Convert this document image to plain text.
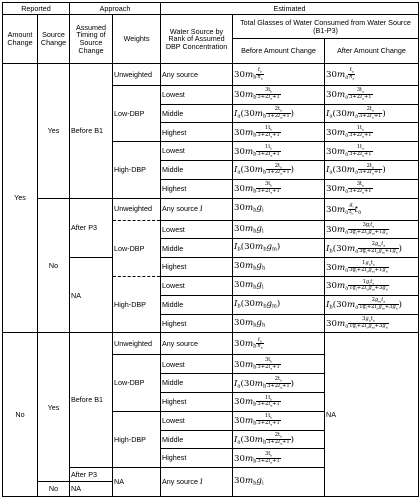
Reported		Approach		Estimated		
Amount Change	Source Change	Assumed Timing of Source Change	Weights	Water Source by Rank of Assumed DBP Concentration	Total Glasses of Water Consumed from Water Source (B1-P3)	
					Before Amount Change	After Amount Change
Yes	Yes	Before B1	Unweighted	Any source	$30m_b \frac{t_b}{n_a}$	$30m_a \frac{t_a}{n_a}$

			Low-DBP	Lowest	$30m_b \frac{3t_b}{3+2I_a+1}$	$30m_a \frac{3t_a}{3+2I_a+1}$

				Middle	$I_a(30m_b \frac{2t_b}{3+2I_a+1}$ )	$I_a(30m_a \frac{2t_a}{3+2I_a+1}$ )
				Highest	$30m_b \frac{1t_b}{3+2I_a+1}$	$30m_a \frac{1t_a}{3+2I_a+1}$

			High-DBP	Lowest	$30m_b \frac{1t_b}{3+2I_a+1}$	$30m_a \frac{1t_a}{3+2I_a+1}$

				Middle	$I_a(30m_b \frac{2t_b}{3+2I_a+1}$ )	$I_a(30m_a \frac{2t_a}{3+2I_a+1}$ )
				Highest	$30m_b \frac{3t_b}{3+2I_a+1}$	$30m_a \frac{3t_a}{3+2I_a+1}$

	No	After P3	Unweighted	Any source i	$30m_bg_i$	$30m_a \frac{g_i}{t_b} t_a$
			Low-DBP	Lowest	$30m_bg_l$	$30m_a \frac{3g_lt_a}{3g_l+2I_bg_m+1g_h}$

				Middle	$I_b(30m_bg_m)$	$I_b(30m_a \frac{2g_mt_a}{3g_l+2I_bg_m+1g_h}$ )
		NA		Highest	$30m_bg_h$	$30m_a \frac{1g_ht_a}{3g_l+2I_bg_m+1g_h}$

			High-DBP	Lowest	$30m_bg_l$	$30m_a \frac{1g_lt_a}{1g_l+2I_bg_m+3g_h}$

				Middle	$I_b(30m_bg_m)$	$I_b(30m_a \frac{2g_mt_a}{1g_l+2I_bg_m+3g_h}$ )
				Highest	$30m_bg_h$	$30m_a \frac{3g_ht_a}{1g_l+2I_bg_m+3g_h}$

No	Yes	Before B1	Unweighted	Any source	$30m_b \frac{t_b}{n_a}$	NA
			Low-DBP	Lowest	$30m_b \frac{3t_b}{3+2I_a+1}$

				Middle	$I_a(30m_b \frac{2t_b}{3+2I_a+1}$ )	
				Highest	$30m_b \frac{1t_b}{3+2I_a+1}$

			High-DBP	Lowest	$30m_b \frac{1t_b}{3+2I_a+1}$

				Middle	$I_a(30m_b \frac{2t_b}{3+2I_a+1}$ )	
				Highest	$30m_b \frac{3t_b}{3+2I_a+1}$

		After P3	NA	Any source i	$30m_bg_i$
	No	NA				
